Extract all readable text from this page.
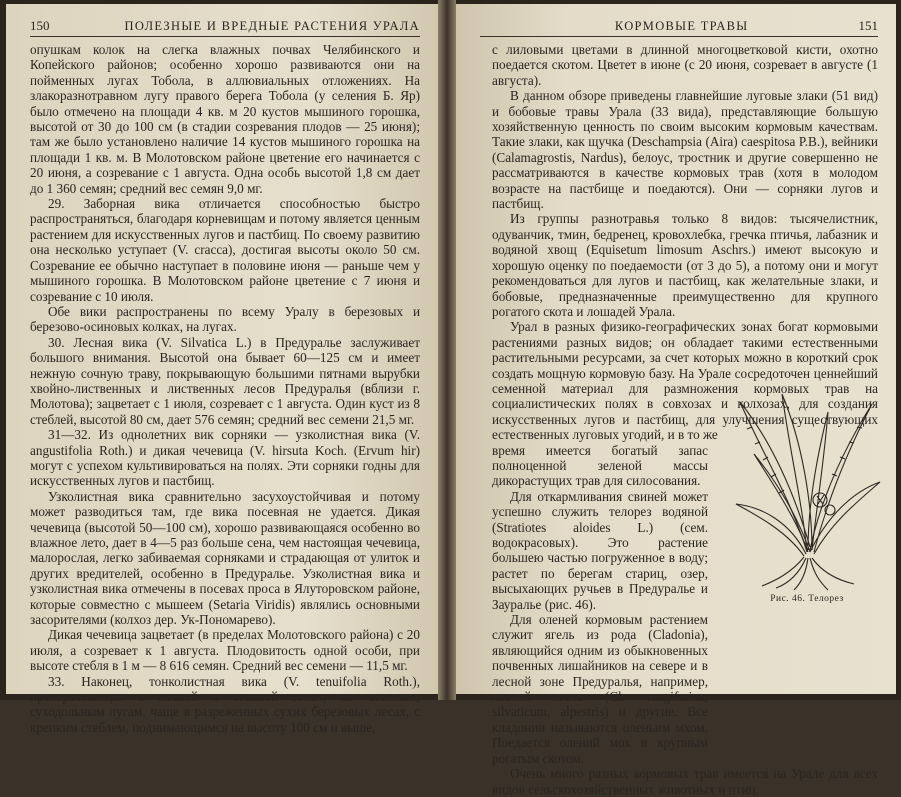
150	ПОЛЕЗНЫЕ И ВРЕДНЫЕ РАСТЕНИЯ УРАЛА

опушкам колок на слегка влажных почвах Челябинского и Копейского районов; особенно хорошо развиваются они на пойменных лугах Тобола, в аллювиальных отложениях. На злакоразнотравном лугу правого берега Тобола (у селения Б. Яр) было отмечено на площади 4 кв. м 20 кустов мышиного горошка, высотой от 30 до 100 см (в стадии созревания плодов — 25 июня); там же было установлено наличие 14 кустов мышиного горошка на площади 1 кв. м. В Молотовском районе цветение его начинается с 20 июня, а созревание с 1 августа. Одна особь высотой 1,8 см дает до 1 360 семян; средний вес семян 9,0 мг.

29. Заборная вика отличается способностью быстро распространяться, благодаря корневищам и потому является ценным растением для искусственных лугов и пастбищ. По своему развитию она несколько уступает (V. cracca), достигая высоты около 50 см. Созревание ее обычно наступает в половине июня — раньше чем у мышиного горошка. В Молотовском районе цветение с 7 июня и созревание с 10 июля.

Обе вики распространены по всему Уралу в березовых и березово-осиновых колках, на лугах.

30. Лесная вика (V. Silvatica L.) в Предуралье заслуживает большого внимания. Высотой она бывает 60—125 см и имеет нежную сочную траву, покрывающую большими пятнами вырубки хвойно-лиственных и лиственных лесов Предуралья (вблизи г. Молотова); зацветает с 1 июля, созревает с 1 августа. Один куст из 8 стеблей, высотой 80 см, дает 576 семян; средний вес семени 21,5 мг.

31—32. Из однолетних вик сорняки — узколистная вика (V. angustifolia Roth.) и дикая чечевица (V. hirsuta Koch. (Ervum hir) могут с успехом культивироваться на полях. Эти сорняки годны для искусственных лугов и пастбищ.

Узколистная вика сравнительно засухоустойчивая и потому может разводиться там, где вика посевная не удается. Дикая чечевица (высотой 50—100 см), хорошо развивающаяся особенно во влажное лето, дает в 4—5 раз больше сена, чем настоящая чечевица, малорослая, легко забиваемая сорняками и страдающая от улиток и других вредителей, особенно в Предуралье. Узколистная вика и узколистная вика отмечены в посевах проса в Ялуторовском районе, которые совместно с мышеем (Setaria Viridis) являлись основными засорителями (колхоз дер. Ук-Пономарево).

Дикая чечевица зацветает (в пределах Молотовского района) с 20 июля, а созревает к 1 августа. Плодовитость одной особи, при высоте стебля в 1 м — 8 616 семян. Средний вес семени — 11,5 мг.

33. Наконец, тонколистная вика (V. tenuifolia Roth.), произрастающая в лесной и степной зонах, по степным, суходольным лугам, чаще в разреженных сухих березовых лесах, с крепким стеблем, поднимающимся на высоту 100 см и выше,

КОРМОВЫЕ ТРАВЫ	151

с лиловыми цветами в длинной многоцветковой кисти, охотно поедается скотом. Цветет в июне (с 20 июня, созревает в августе (1 августа).

В данном обзоре приведены главнейшие луговые злаки (51 вид) и бобовые травы Урала (33 вида), представляющие большую хозяйственную ценность по своим высоким кормовым качествам. Такие злаки, как щучка (Deschampsia (Aira) caespitosa P.B.), вейники (Calamagrostis, Nardus), белоус, тростник и другие совершенно не рассматриваются в качестве кормовых трав (хотя в молодом возрасте на пастбище и поедаются). Они — сорняки лугов и пастбищ.

Из группы разнотравья только 8 видов: тысячелистник, одуванчик, тмин, бедренец, кровохлебка, гречка птичья, лабазник и водяной хвощ (Equisetum limosum Aschrs.) имеют высокую и хорошую оценку по поедаемости (от 3 до 5), а потому они и могут рекомендоваться для лугов и пастбищ, как желательные злаки, и бобовые, предназначенные преимущественно для крупного рогатого скота и лошадей Урала.

Урал в разных физико-географических зонах богат кормовыми растениями разных видов; он обладает такими естественными растительными ресурсами, за счет которых можно в короткий срок создать мощную кормовую базу. На Урале сосредоточен ценнейший семенной материал для размножения кормовых трав на социалистических полях в совхозах и колхозах, для создания искусственных лугов и пастбищ, для улучшения существующих естественных луговых угодий, и в то же

время имеется богатый запас полноценной зеленой массы дикорастущих трав для силосования.

Для откармливания свиней может успешно служить телорез водяной (Stratiotes aloides L.) (сем. водокрасовых). Это растение большею частью погруженное в воду; растет по берегам стариц, озер, высыхающих ручьев в Предуралье и Зауралье (рис. 46).

Для оленей кормовым растением служит ягель из рода (Cladonia), являющийся одним из обыкновенных почвенных лишайников на севере и в лесной зоне Предуралья, например, лесной ягель (Cl. rangiferina, silvaticum, alpestris) и другие. Все кладонии называются оленьим мхом. Поедается олений мох и крупным рогатым скотом.

Очень много разных кормовых трав имеется на Урале для всех видов сельскохозяйственных животных и птиц.

Рис. 46. Телорез
